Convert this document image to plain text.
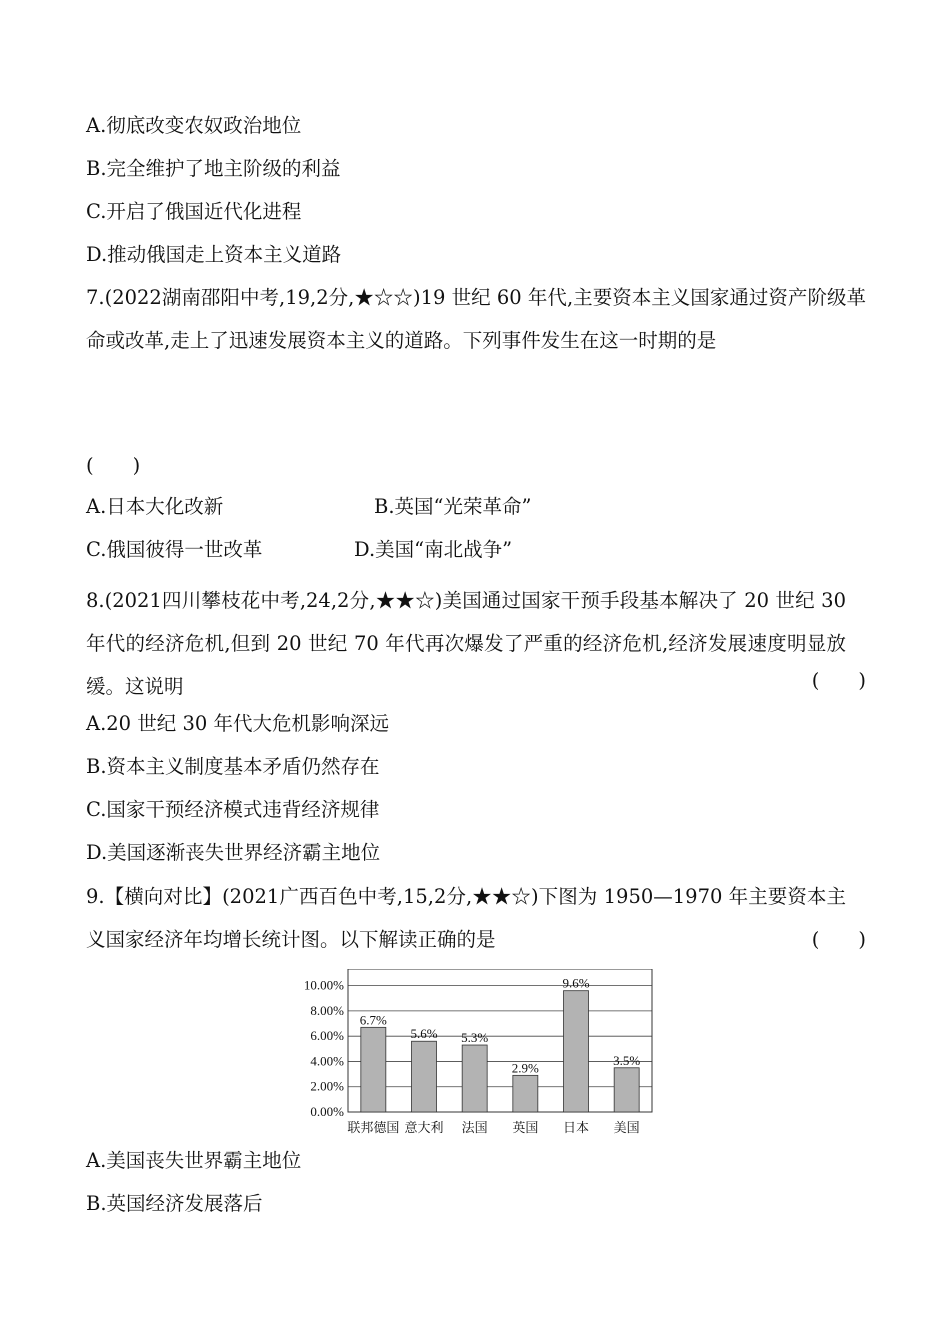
A.彻底改变农奴政治地位
B.完全维护了地主阶级的利益
C.开启了俄国近代化进程
D.推动俄国走上资本主义道路
7.(2022湖南邵阳中考,19,2分,★☆☆)19 世纪 60 年代,主要资本主义国家通过资产阶级革命或改革,走上了迅速发展资本主义的道路。下列事件发生在这一时期的是
(　　)
A.日本大化改新	B.英国“光荣革命”
C.俄国彼得一世改革	D.美国“南北战争”
8.(2021四川攀枝花中考,24,2分,★★☆)美国通过国家干预手段基本解决了 20 世纪 30 年代的经济危机,但到 20 世纪 70 年代再次爆发了严重的经济危机,经济发展速度明显放缓。这说明	(　　)
A.20 世纪 30 年代大危机影响深远
B.资本主义制度基本矛盾仍然存在
C.国家干预经济模式违背经济规律
D.美国逐渐丧失世界经济霸主地位
9.【横向对比】(2021广西百色中考,15,2分,★★☆)下图为 1950—1970 年主要资本主义国家经济年均增长统计图。以下解读正确的是	(　　)
0.00%
2.00%
4.00%
6.00%
8.00%
10.00%
6.7%
5.6% 5.3%
2.9%
9.6%
3.5%
联邦德国 意大利 法国 英国 日本 美国
A.美国丧失世界霸主地位
B.英国经济发展落后
